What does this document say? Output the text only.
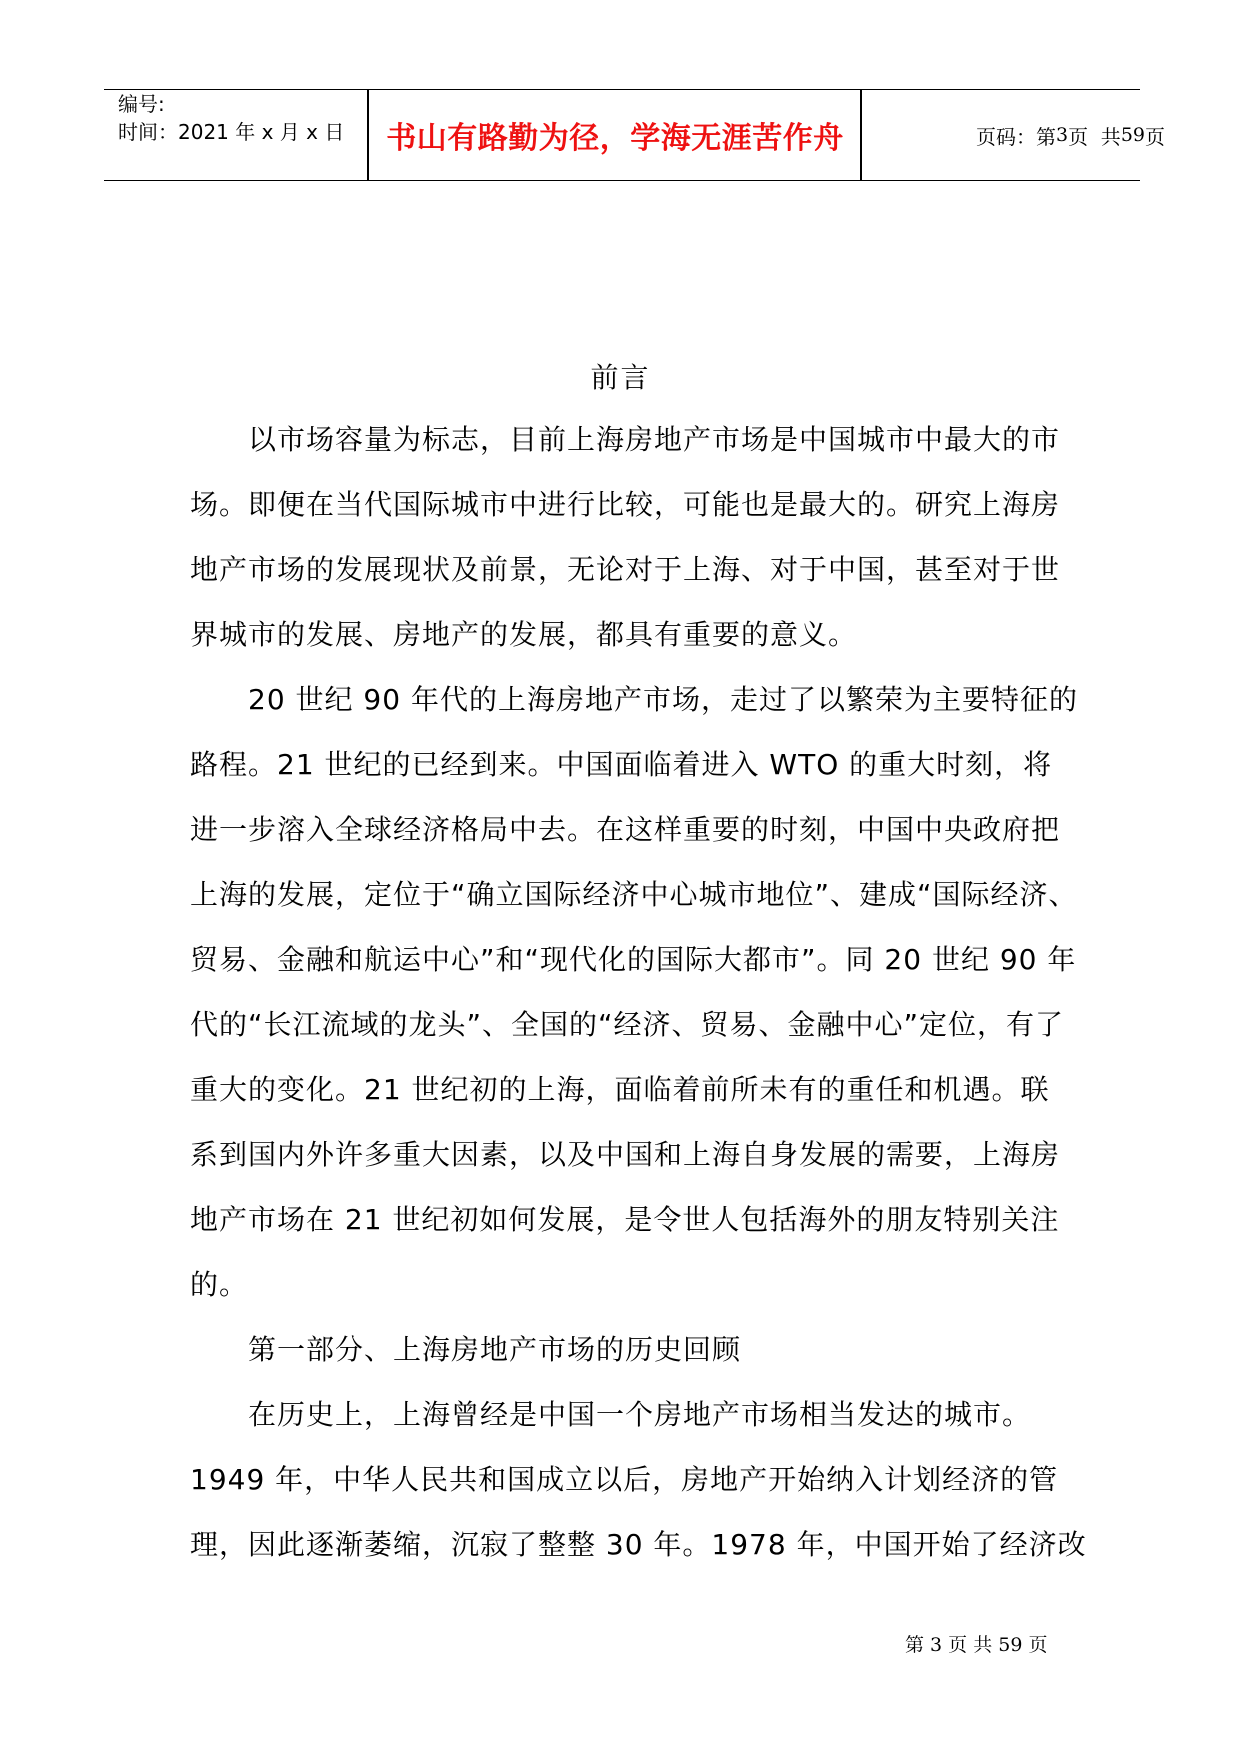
编号:
时间：2021 年 x 月 x 日	书山有路勤为径，学海无涯苦作舟	页码：第 3 页  共 59 页
前言
　　以市场容量为标志，目前上海房地产市场是中国城市中最大的市
场。即便在当代国际城市中进行比较，可能也是最大的。研究上海房
地产市场的发展现状及前景，无论对于上海、对于中国，甚至对于世
界城市的发展、房地产的发展，都具有重要的意义。
　　20 世纪 90 年代的上海房地产市场，走过了以繁荣为主要特征的
路程。21 世纪的已经到来。中国面临着进入 WTO 的重大时刻，将
进一步溶入全球经济格局中去。在这样重要的时刻，中国中央政府把
上海的发展，定位于“确立国际经济中心城市地位”、建成“国际经济、
贸易、金融和航运中心”和“现代化的国际大都市”。同 20 世纪 90 年
代的“长江流域的龙头”、全国的“经济、贸易、金融中心”定位，有了
重大的变化。21 世纪初的上海，面临着前所未有的重任和机遇。联
系到国内外许多重大因素，以及中国和上海自身发展的需要，上海房
地产市场在 21 世纪初如何发展，是令世人包括海外的朋友特别关注
的。
　　第一部分、上海房地产市场的历史回顾
　　在历史上，上海曾经是中国一个房地产市场相当发达的城市。
1949 年，中华人民共和国成立以后，房地产开始纳入计划经济的管
理，因此逐渐萎缩，沉寂了整整 30 年。1978 年，中国开始了经济改
第 3 页 共 59 页
